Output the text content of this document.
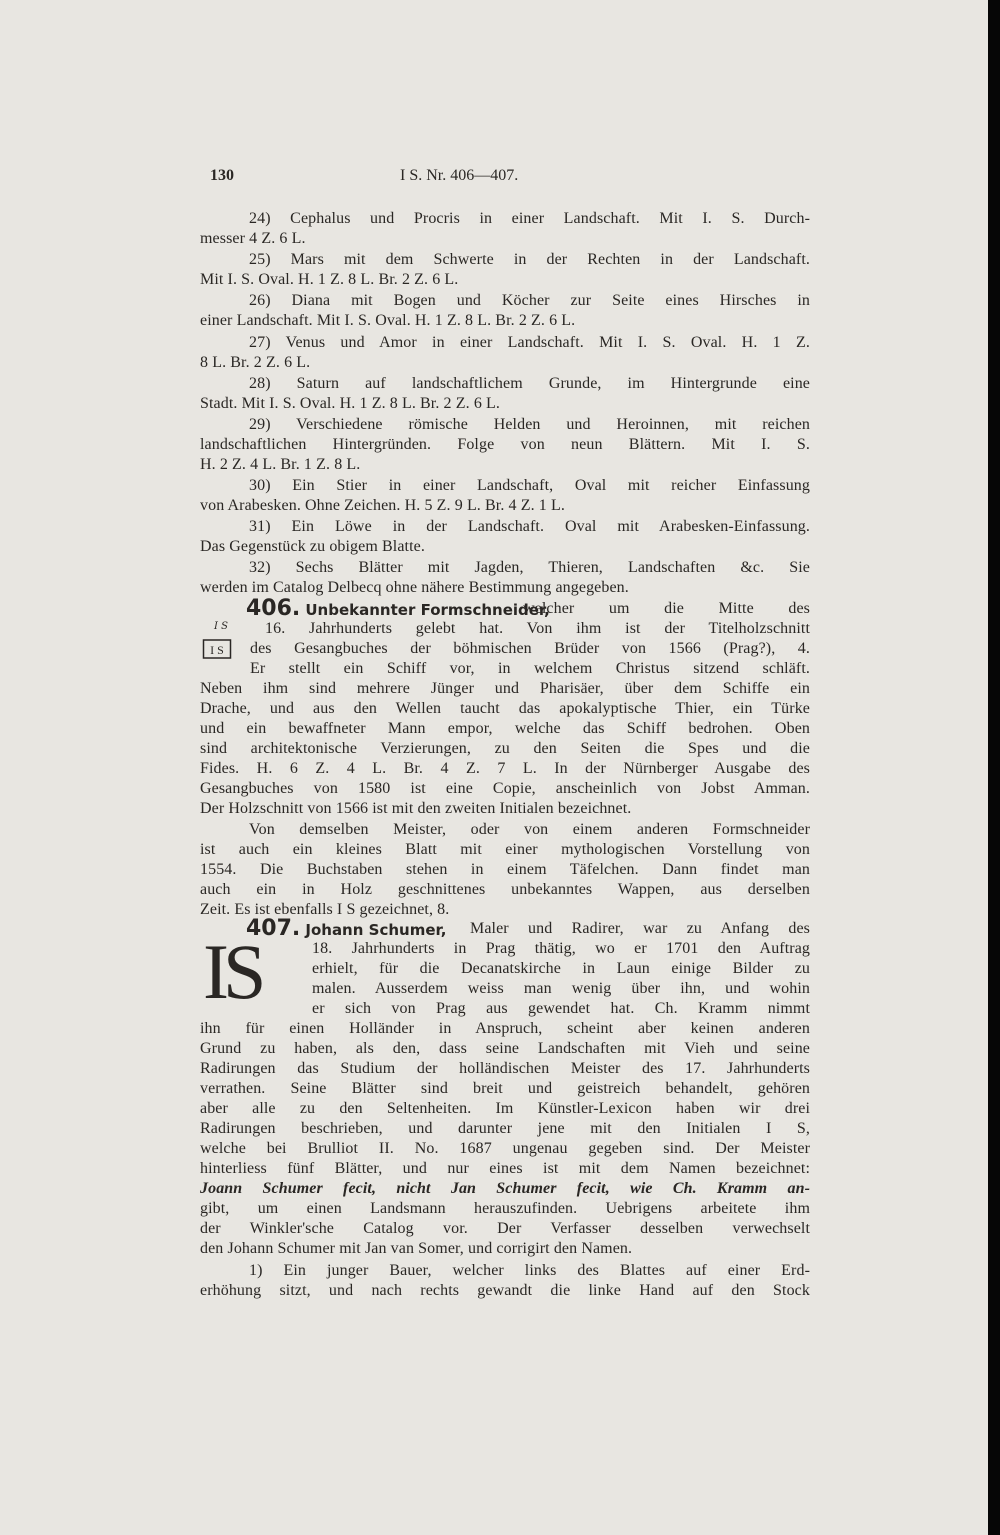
130	I S. Nr. 406—407.
24) Cephalus und Procris in einer Landschaft. Mit I. S. Durch-
messer 4 Z. 6 L.
25) Mars mit dem Schwerte in der Rechten in der Landschaft.
Mit I. S. Oval. H. 1 Z. 8 L. Br. 2 Z. 6 L.
26) Diana mit Bogen und Köcher zur Seite eines Hirsches in
einer Landschaft. Mit I. S. Oval. H. 1 Z. 8 L. Br. 2 Z. 6 L.
27) Venus und Amor in einer Landschaft. Mit I. S. Oval. H. 1 Z.
8 L. Br. 2 Z. 6 L.
28) Saturn auf landschaftlichem Grunde, im Hintergrunde eine
Stadt. Mit I. S. Oval. H. 1 Z. 8 L. Br. 2 Z. 6 L.
29) Verschiedene römische Helden und Heroinnen, mit reichen
landschaftlichen Hintergründen. Folge von neun Blättern. Mit I. S.
H. 2 Z. 4 L. Br. 1 Z. 8 L.
30) Ein Stier in einer Landschaft, Oval mit reicher Einfassung
von Arabesken. Ohne Zeichen. H. 5 Z. 9 L. Br. 4 Z. 1 L.
31) Ein Löwe in der Landschaft. Oval mit Arabesken-Einfassung.
Das Gegenstück zu obigem Blatte.
32) Sechs Blätter mit Jagden, Thieren, Landschaften &c. Sie
werden im Catalog Delbecq ohne nähere Bestimmung angegeben.
406. Unbekannter Formschneider,
welcher um die Mitte des
I S 16. Jahrhunderts gelebt hat. Von ihm ist der Titelholzschnitt
I S des Gesangbuches der böhmischen Brüder von 1566 (Prag?), 4.
Er stellt ein Schiff vor, in welchem Christus sitzend schläft.
Neben ihm sind mehrere Jünger und Pharisäer, über dem Schiffe ein
Drache, und aus den Wellen taucht das apokalyptische Thier, ein Türke
und ein bewaffneter Mann empor, welche das Schiff bedrohen. Oben
sind architektonische Verzierungen, zu den Seiten die Spes und die
Fides. H. 6 Z. 4 L. Br. 4 Z. 7 L. In der Nürnberger Ausgabe des
Gesangbuches von 1580 ist eine Copie, anscheinlich von Jobst Amman.
Der Holzschnitt von 1566 ist mit den zweiten Initialen bezeichnet.
Von demselben Meister, oder von einem anderen Formschneider
ist auch ein kleines Blatt mit einer mythologischen Vorstellung von
1554. Die Buchstaben stehen in einem Täfelchen. Dann findet man
auch ein in Holz geschnittenes unbekanntes Wappen, aus derselben
Zeit. Es ist ebenfalls I S gezeichnet, 8.
407. Johann Schumer, Maler und Radirer, war zu Anfang des
IS	18. Jahrhunderts in Prag thätig, wo er 1701 den Auftrag
erhielt, für die Decanatskirche in Laun einige Bilder zu
malen. Ausserdem weiss man wenig über ihn, und wohin
er sich von Prag aus gewendet hat. Ch. Kramm nimmt
ihn für einen Holländer in Anspruch, scheint aber keinen anderen
Grund zu haben, als den, dass seine Landschaften mit Vieh und seine
Radirungen das Studium der holländischen Meister des 17. Jahrhunderts
verrathen. Seine Blätter sind breit und geistreich behandelt, gehören
aber alle zu den Seltenheiten. Im Künstler-Lexicon haben wir drei
Radirungen beschrieben, und darunter jene mit den Initialen I S,
welche bei Brulliot II. No. 1687 ungenau gegeben sind. Der Meister
hinterliess fünf Blätter, und nur eines ist mit dem Namen bezeichnet:
Joann Schumer fecit, nicht Jan Schumer fecit, wie Ch. Kramm an-
gibt, um einen Landsmann herauszufinden. Uebrigens arbeitete ihm
der Winkler'sche Catalog vor. Der Verfasser desselben verwechselt
den Johann Schumer mit Jan van Somer, und corrigirt den Namen.
1) Ein junger Bauer, welcher links des Blattes auf einer Erd-
erhöhung sitzt, und nach rechts gewandt die linke Hand auf den Stock
